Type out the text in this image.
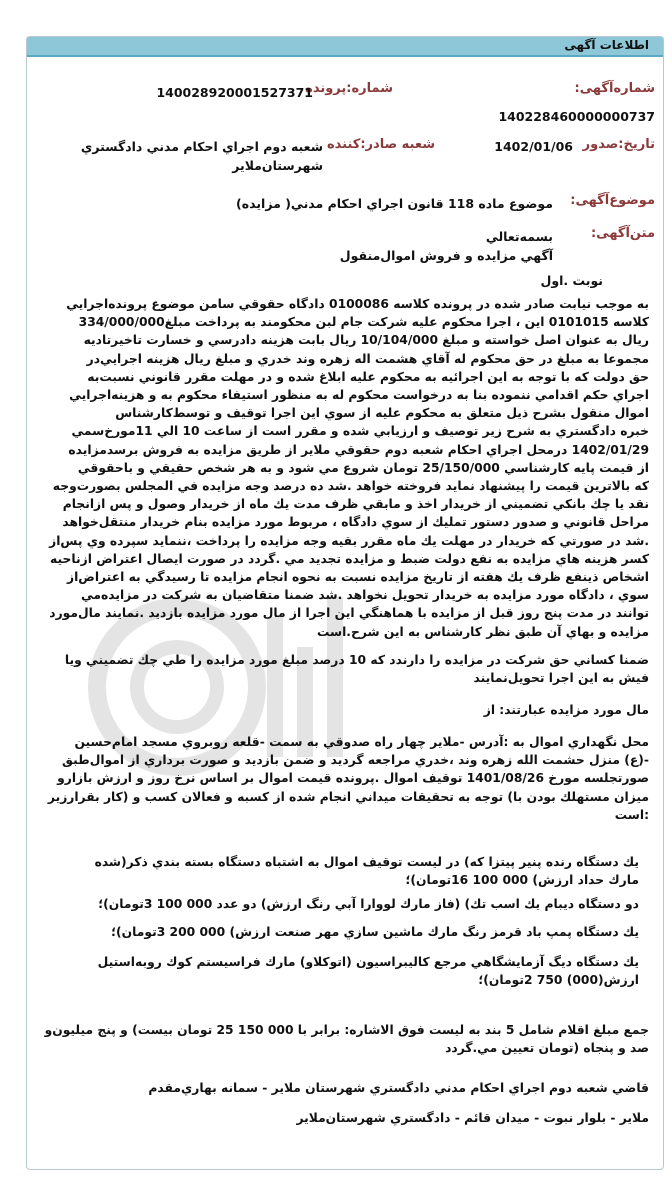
اطلاعات آگهی
شماره‌آگهی:
140228460000000737
شماره:پرونده
140028920001527371
تاریخ:صدور
1402/01/06
شعبه صادر:کننده
شعبه دوم اجراي احكام مدني دادگستري
شهرستان‌ملاير
موضوع‌آگهی:
موضوع ماده 118 قانون اجراي احكام مدني( مزايده)
متن‌آگهی:
بسمه‌تعالي
آگهي مزايده و فروش اموال‌منقول
نوبت .اول
به موجب نيابت صادر شده در پرونده كلاسه 0100086 دادگاه حقوقي سامن موضوع پرونده‌اجرايي
كلاسه 0101015 اين ، اجرا محكوم عليه شركت جام لبن محكومند به پرداخت مبلغ334/000/000
ريال به عنوان اصل خواسته و مبلغ 10/104/000 ريال بابت هزينه دادرسي و خسارت تاخيرتاديه
مجموعا به مبلغ در حق محكوم له آقاي هشمت اله زهره وند خدري و مبلغ ريال هزينه اجرايي‌در
حق دولت كه با توجه به اين اجرائيه به محكوم عليه ابلاغ شده و در مهلت مقرر قانوني نسبت‌به
اجراي حكم اقدامي ننموده بنا به درخواست محكوم له به منظور استيفاء محكوم به و هزينه‌اجرايي
اموال منقول بشرح ذيل متعلق به محكوم عليه از سوي اين اجرا توقيف و توسط‌كارشناس
خبره دادگستري به شرح زير توصيف و ارزيابي شده و مقرر است از ساعت 10 الي 11مورخ‌سمي
1402/01/29 درمحل اجراي احكام شعبه دوم حقوقي ملاير از طريق مزايده به فروش برسدمزايده
از قيمت پايه كارشناسي 25/150/000 تومان شروع مي شود و به هر شخص حقيقي و باحقوقي
كه بالاترين قيمت را پيشنهاد نمايد فروخته خواهد .شد ده درصد وجه مزايده في المجلس بصورت‌وجه
نقد يا چك بانكي تضميني از خريدار اخذ و مابقي ظرف مدت يك ماه از خريدار وصول و پس ازانجام
مراحل قانوني و صدور دستور تمليك از سوي دادگاه ، مربوط مورد مزايده بنام خريدار منتقل‌خواهد
.شد در صورتي كه خريدار در مهلت يك ماه مقرر بقيه وجه مزايده را پرداخت ،ننمايد سپرده وي پس‌از
كسر هزينه هاي مزايده به نفع دولت ضبط و مزايده تجديد مي .گردد در صورت ايصال اعتراض ازناحيه
اشخاص ذينفع ظرف يك هفته از تاريخ مزايده نسبت به نحوه انجام مزايده تا رسيدگي به اعتراض‌از
سوي ، دادگاه مورد مزايده به خريدار تحويل نخواهد .شد ضمنا متقاضيان به شركت در مزايده‌مي
توانند در مدت پنج روز قبل از مزايده با هماهنگي اين اجرا از مال مورد مزايده بازديد .نمايند مال‌مورد
مزايده و بهاي آن طبق نظر كارشناس به اين شرح.است
ضمنا كساني حق شركت در مزايده را دارندد كه 10 درصد مبلغ مورد مزايده را طي چك تضميني ويا
فيش به اين اجرا تحويل‌نمايند
مال مورد مزايده عبارتند: از
محل نگهداري اموال به :آدرس -ملاير چهار راه صدوقي به سمت -قلعه روبروي مسجد امام‌حسين
-(ع) منزل حشمت الله زهره وند ،خدري مراجعه گرديد و ضمن بازديد و صورت برداري از اموال‌طبق
صورتجلسه مورخ 1401/08/26 توقيف اموال .پرونده قيمت اموال بر اساس نرخ روز و ارزش بازارو
ميزان مستهلك بودن با) توجه به تحقيقات ميداني انجام شده از كسبه و فعالان كسب و (كار بقرارزير
:است
يك دستگاه رنده پنير پيتزا كه) در ليست توقيف اموال به اشتباه دستگاه بسته بندي ذكر(شده
مارك حداد ارزش) 000 100 16تومان)؛
دو دستگاه ديبام يك اسب تك) (فاز مارك لووارا آبي رنگ ارزش) دو عدد 000 100 3تومان)؛
يك دستگاه پمپ باد قرمز رنگ مارك ماشين سازي مهر صنعت ارزش) 000 200 3تومان)؛
يك دستگاه ديگ آزمايشگاهي مرجع كاليبراسيون (اتوكلاو) مارك فراسيستم كوك روبه‌استيل
ارزش(000) 750 2تومان)؛
جمع مبلغ اقلام شامل 5 بند به ليست فوق الاشاره: برابر با 000 150 25 تومان بيست) و پنج ميليون‌و
صد و پنجاه (تومان تعيين مي.گردد
قاضي شعبه دوم اجراي احكام مدني دادگستري شهرستان ملاير - سمانه بهاري‌مقدم
ملاير - بلوار نبوت - ميدان قائم - دادگستري شهرستان‌ملاير
